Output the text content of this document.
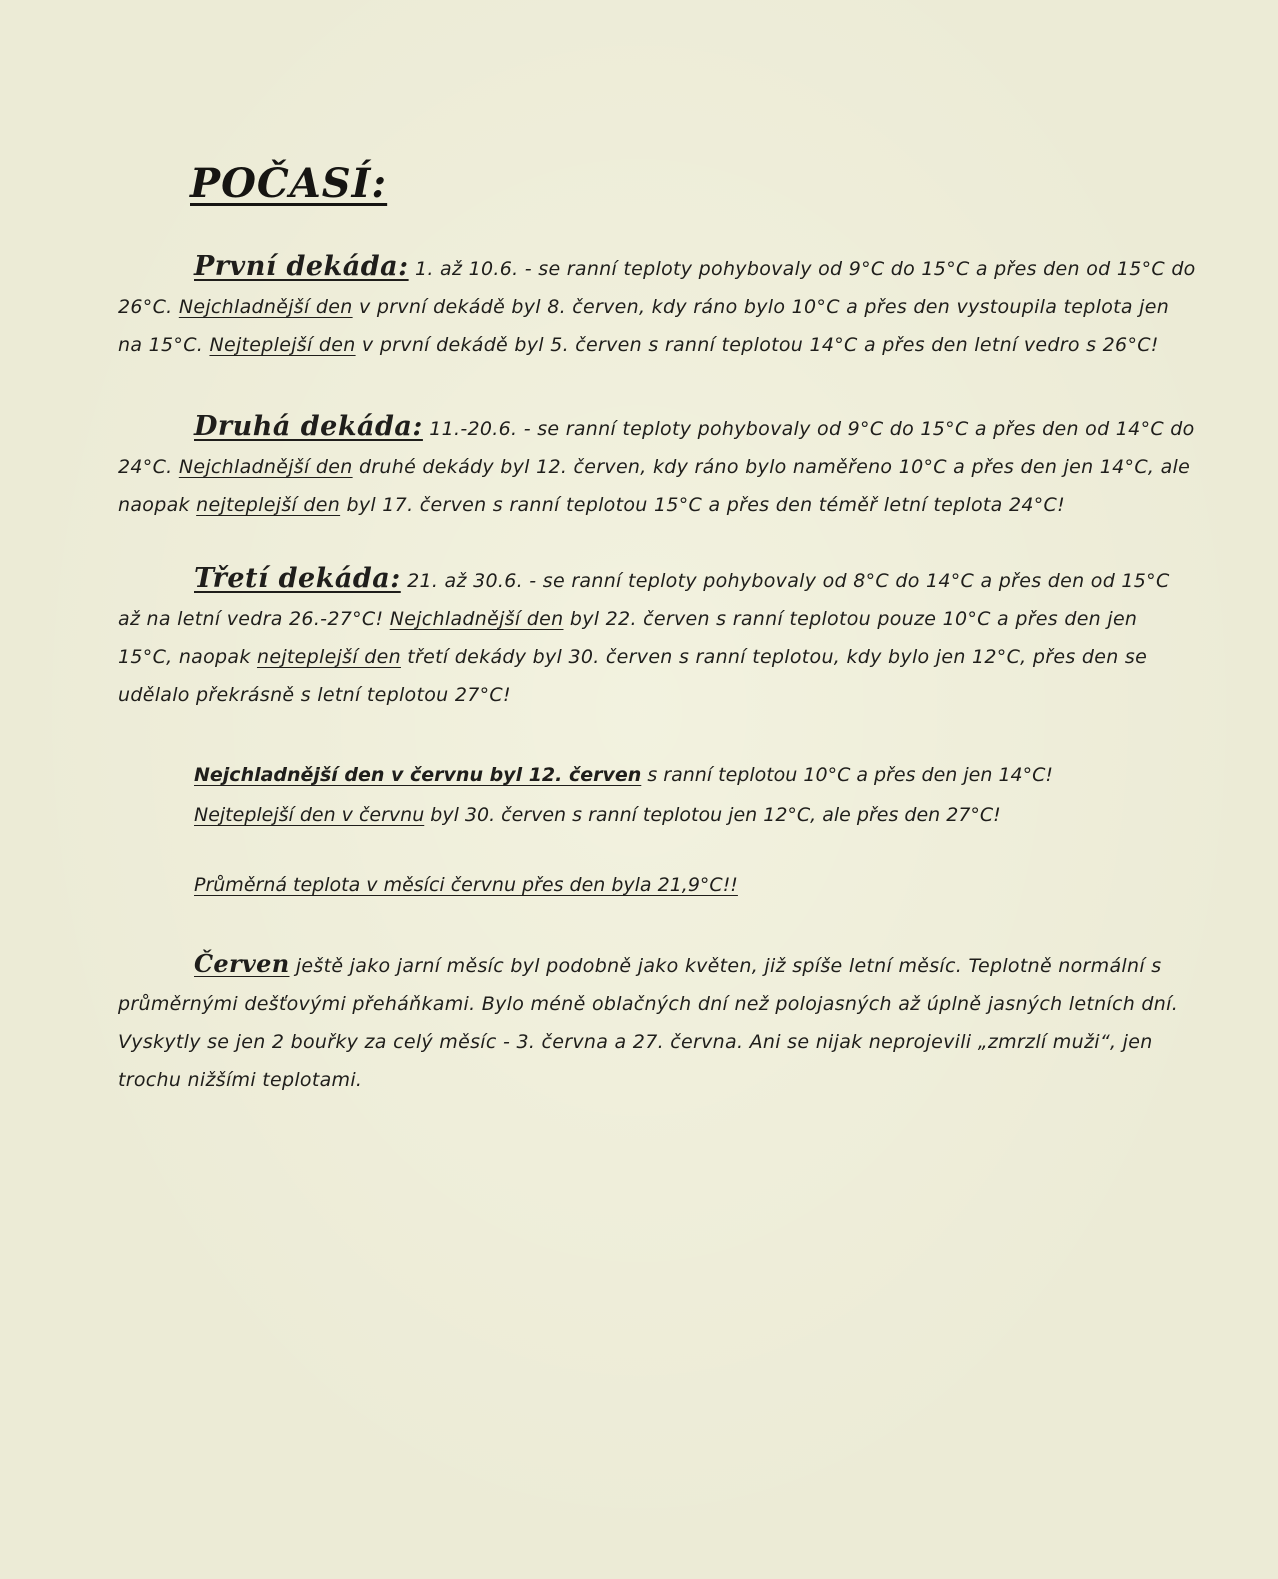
POČASÍ:
První dekáda: 1. až 10.6. - se ranní teploty pohybovaly od 9°C do 15°C a přes den od 15°C do 26°C. Nejchladnější den v první dekádě byl 8. červen, kdy ráno bylo 10°C a přes den vystoupila teplota jen na 15°C. Nejteplejší den v první dekádě byl 5. červen s ranní teplotou 14°C a přes den letní vedro s 26°C!
Druhá dekáda: 11.-20.6. - se ranní teploty pohybovaly od 9°C do 15°C a přes den od 14°C do 24°C. Nejchladnější den druhé dekády byl 12. červen, kdy ráno bylo naměřeno 10°C a přes den jen 14°C, ale naopak nejteplejší den byl 17. červen s ranní teplotou 15°C a přes den téměř letní teplota 24°C!
Třetí dekáda: 21. až 30.6. - se ranní teploty pohybovaly od 8°C do 14°C a přes den od 15°C až na letní vedra 26.-27°C! Nejchladnější den byl 22. červen s ranní teplotou pouze 10°C a přes den jen 15°C, naopak nejteplejší den třetí dekády byl 30. červen s ranní teplotou, kdy bylo jen 12°C, přes den se udělalo překrásně s letní teplotou 27°C!
Nejchladnější den v červnu byl 12. červen s ranní teplotou 10°C a přes den jen 14°C!
Nejteplejší den v červnu byl 30. červen s ranní teplotou jen 12°C, ale přes den 27°C!
Průměrná teplota v měsíci červnu přes den byla 21,9°C!!
Červen ještě jako jarní měsíc byl podobně jako květen, již spíše letní měsíc. Teplotně normální s průměrnými dešťovými přeháňkami. Bylo méně oblačných dní než polojasných až úplně jasných letních dní. Vyskytly se jen 2 bouřky za celý měsíc - 3. června a 27. června. Ani se nijak neprojevili „zmrzlí muži“, jen trochu nižšími teplotami.
